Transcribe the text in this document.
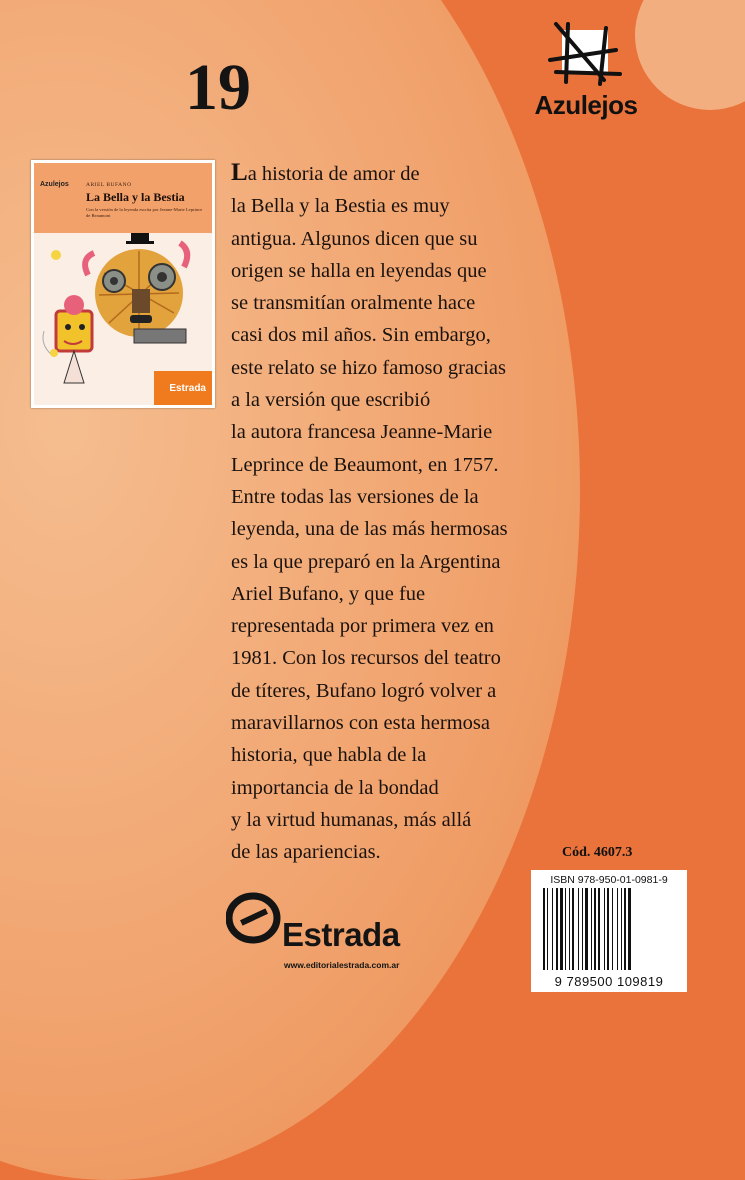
19	Azulejos
Azulejos	ARIEL BUFANO
La Bella y la Bestia
Con la versión de la leyenda escrita por Jeanne-Marie Leprince de Beaumont
Estrada

La historia de amor de

la Bella y la Bestia es muy

antigua. Algunos dicen que su

origen se halla en leyendas que

se transmitían oralmente hace

casi dos mil años. Sin embargo,

este relato se hizo famoso gracias

a la versión que escribió

la autora francesa Jeanne-Marie

Leprince de Beaumont, en 1757.

Entre todas las versiones de la

leyenda, una de las más hermosas

es la que preparó en la Argentina

Ariel Bufano, y que fue

representada por primera vez en

1981. Con los recursos del teatro

de títeres, Bufano logró volver a

maravillarnos con esta hermosa

historia, que habla de la

importancia de la bondad

y la virtud humanas, más allá

de las apariencias.	Cód. 4607.3
ISBN 978-950-01-0981-9
9 789500 109819
Estrada
www.editorialestrada.com.ar
